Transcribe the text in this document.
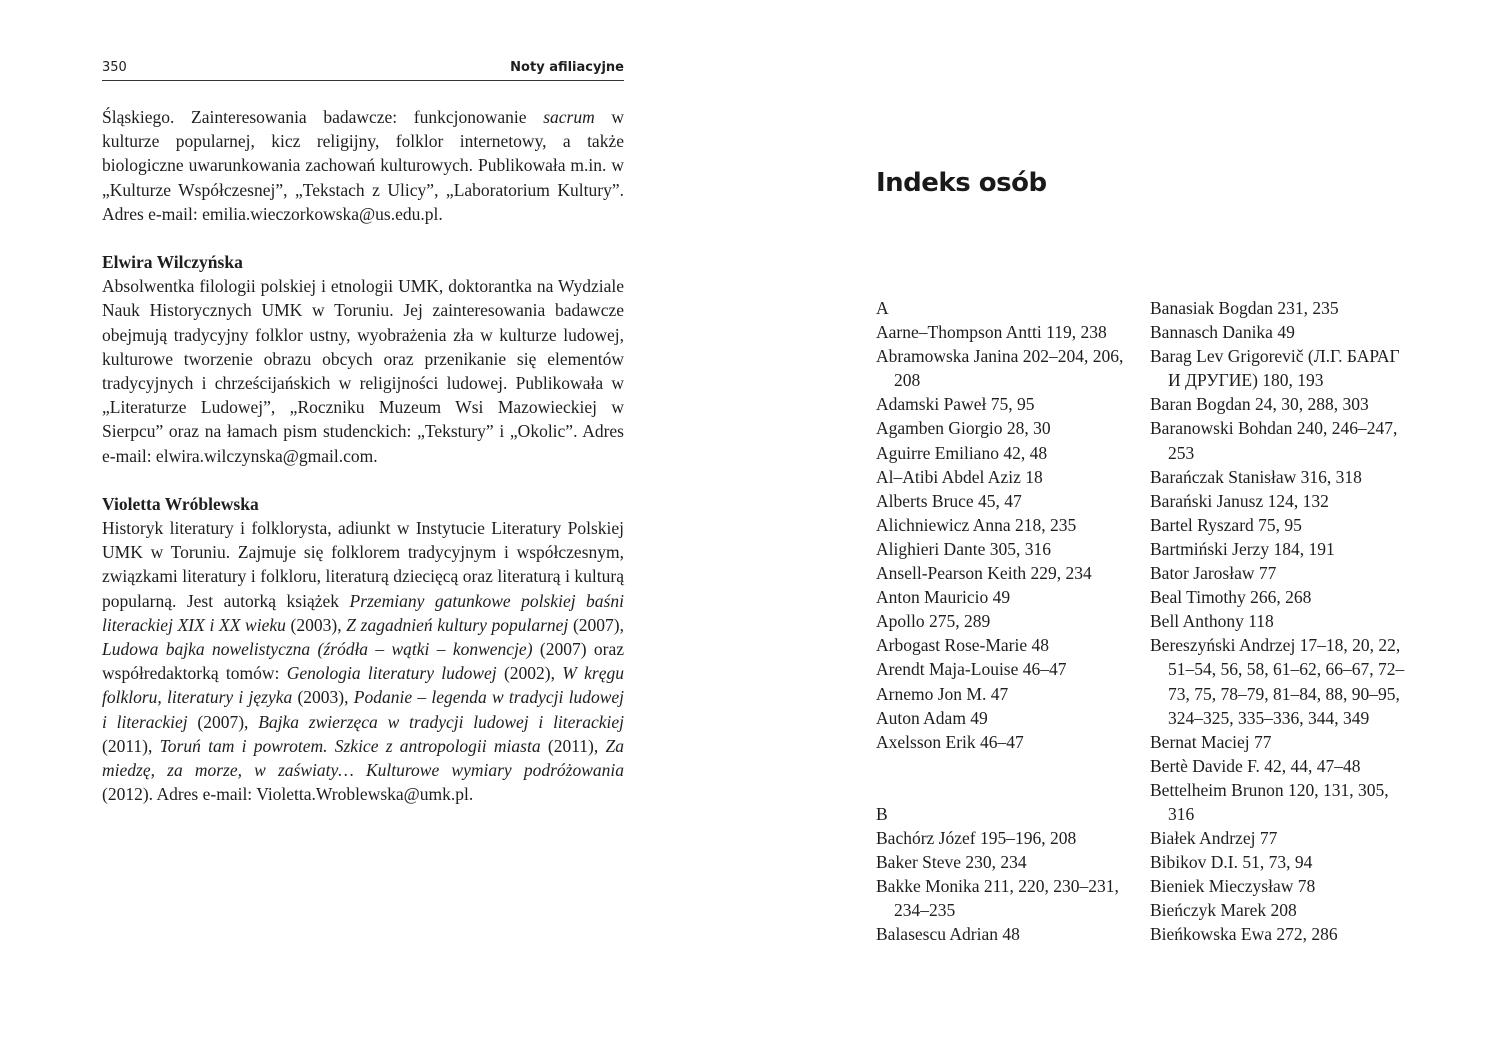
350	Noty afiliacyjne

Śląskiego. Zainteresowania badawcze: funkcjonowanie sacrum w kulturze popularnej, kicz religijny, folklor internetowy, a także biologiczne uwarunkowania zachowań kulturowych. Publikowała m.in. w „Kulturze Współczesnej”, „Tekstach z Ulicy”, „Laboratorium Kultury”. Adres e-mail: emilia.wieczorkowska@us.edu.pl.

Elwira Wilczyńska

Absolwentka filologii polskiej i etnologii UMK, doktorantka na Wydziale Nauk Historycznych UMK w Toruniu. Jej zainteresowania badawcze obejmują tradycyjny folklor ustny, wyobrażenia zła w kulturze ludowej, kulturowe tworzenie obrazu obcych oraz przenikanie się elementów tradycyjnych i chrześcijańskich w religijności ludowej. Publikowała w „Literaturze Ludowej”, „Roczniku Muzeum Wsi Mazowieckiej w Sierpcu” oraz na łamach pism studenckich: „Tekstury” i „Okolic”. Adres e-mail: elwira.wilczynska@gmail.com.

Violetta Wróblewska

Historyk literatury i folklorysta, adiunkt w Instytucie Literatury Polskiej UMK w Toruniu. Zajmuje się folklorem tradycyjnym i współczesnym, związkami literatury i folkloru, literaturą dziecięcą oraz literaturą i kulturą popularną. Jest autorką książek Przemiany gatunkowe polskiej baśni literackiej XIX i XX wieku (2003), Z zagadnień kultury popularnej (2007), Ludowa bajka nowelistyczna (źródła – wątki – konwencje) (2007) oraz współredaktorką tomów: Genologia literatury ludowej (2002), W kręgu folkloru, literatury i języka (2003), Podanie – legenda w tradycji ludowej i literackiej (2007), Bajka zwierzęca w tradycji ludowej i literackiej (2011), Toruń tam i powrotem. Szkice z antropologii miasta (2011), Za miedzę, za morze, w zaświaty… Kulturowe wymiary podróżowania (2012). Adres e-mail: Violetta.Wroblewska@umk.pl.

Indeks osób
A
Aarne–Thompson Antti 119, 238
Abramowska Janina 202–204, 206, 208
Adamski Paweł 75, 95
Agamben Giorgio 28, 30
Aguirre Emiliano 42, 48
Al–Atibi Abdel Aziz 18
Alberts Bruce 45, 47
Alichniewicz Anna 218, 235
Alighieri Dante 305, 316
Ansell-Pearson Keith 229, 234
Anton Mauricio 49
Apollo 275, 289
Arbogast Rose-Marie 48
Arendt Maja-Louise 46–47
Arnemo Jon M. 47
Auton Adam 49
Axelsson Erik 46–47
B
Bachórz Józef 195–196, 208
Baker Steve 230, 234
Bakke Monika 211, 220, 230–231, 234–235
Balasescu Adrian 48
Banasiak Bogdan 231, 235
Bannasch Danika 49
Barag Lev Grigorevič (Л.Г. БАРАГ И ДРУГИЕ) 180, 193
Baran Bogdan 24, 30, 288, 303
Baranowski Bohdan 240, 246–247, 253
Barańczak Stanisław 316, 318
Barański Janusz 124, 132
Bartel Ryszard 75, 95
Bartmiński Jerzy 184, 191
Bator Jarosław 77
Beal Timothy 266, 268
Bell Anthony 118
Bereszyński Andrzej 17–18, 20, 22, 51–54, 56, 58, 61–62, 66–67, 72–73, 75, 78–79, 81–84, 88, 90–95, 324–325, 335–336, 344, 349
Bernat Maciej 77
Bertè Davide F. 42, 44, 47–48
Bettelheim Brunon 120, 131, 305, 316
Białek Andrzej 77
Bibikov D.I. 51, 73, 94
Bieniek Mieczysław 78
Bieńczyk Marek 208
Bieńkowska Ewa 272, 286
